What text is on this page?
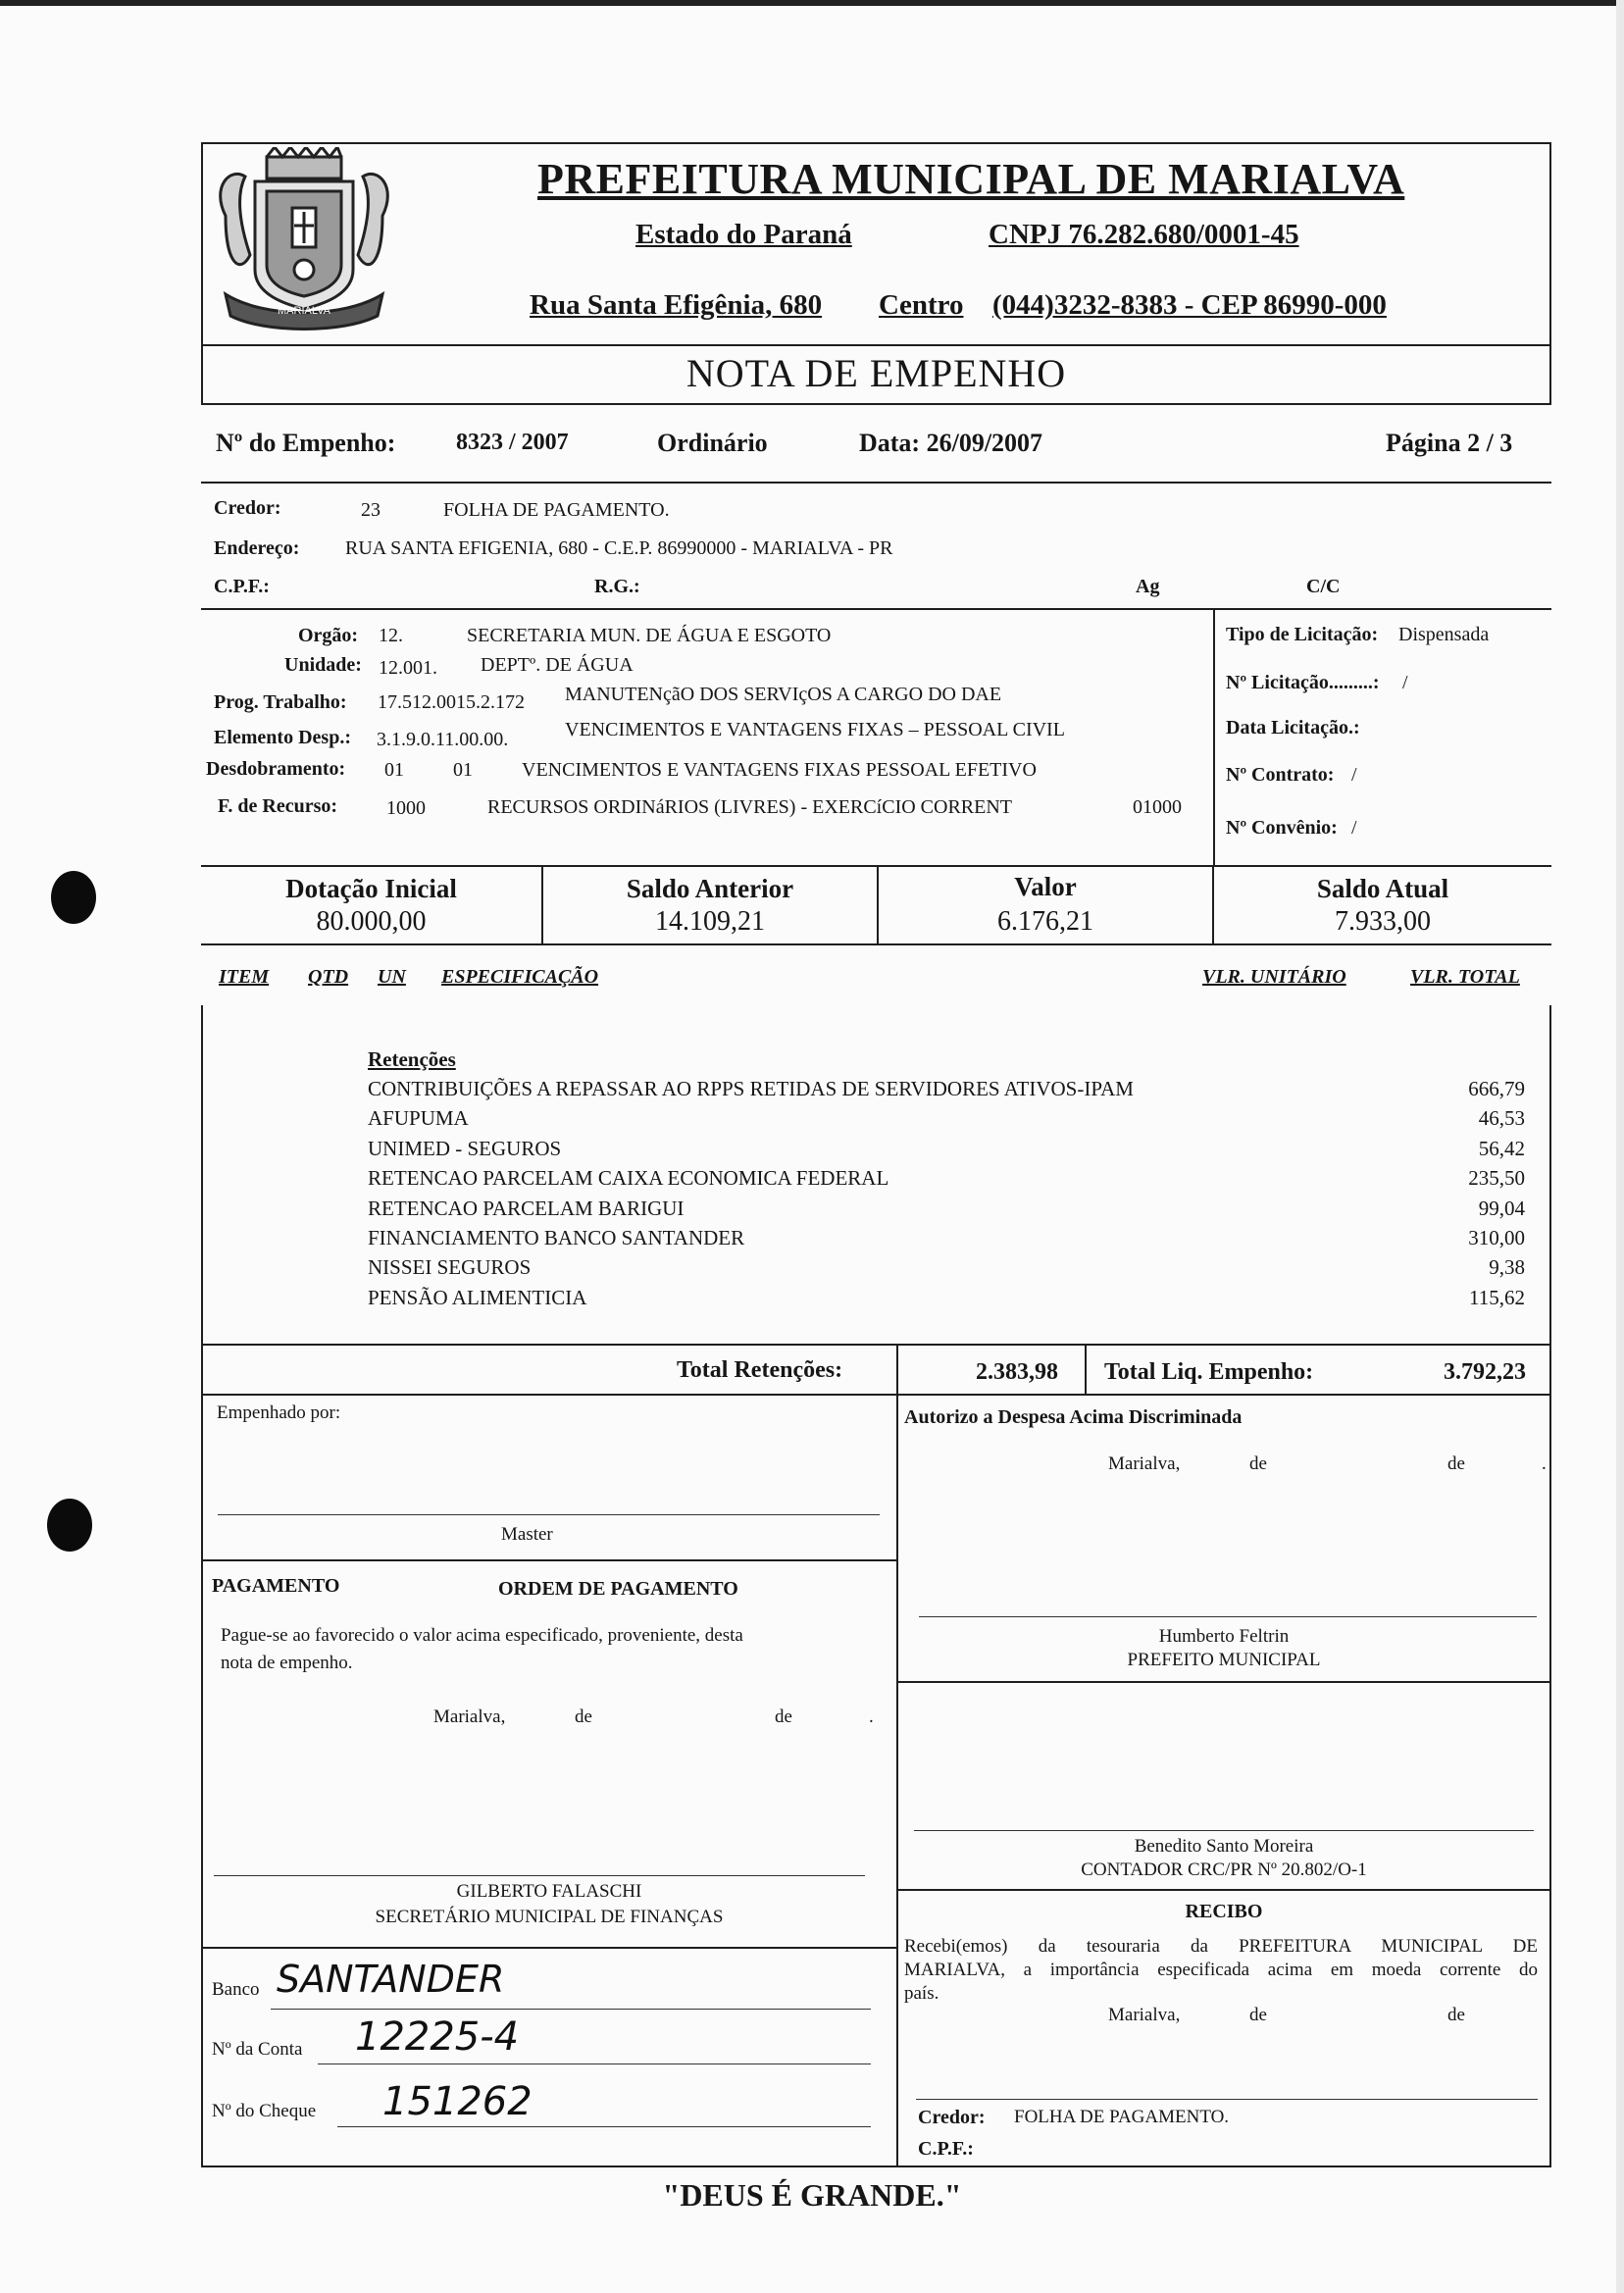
MARIALVA
PREFEITURA MUNICIPAL DE MARIALVA
Estado do Paraná	CNPJ 76.282.680/0001-45
Rua Santa Efigênia, 680 Centro (044)3232-8383 - CEP 86990-000
NOTA DE EMPENHO
Nº do Empenho:	8323 / 2007	Ordinário	Data: 26/09/2007	Página 2 / 3
Credor:	23	FOLHA DE PAGAMENTO.
Endereço: RUA SANTA EFIGENIA, 680 - C.E.P. 86990000 - MARIALVA - PR
C.P.F.:	R.G.:	Ag	C/C
Orgão: 12.	SECRETARIA MUN. DE ÁGUA E ESGOTO
Unidade: 12.001. DEPTº. DE ÁGUA
Prog. Trabalho: 17.512.0015.2.172 MANUTENçãO DOS SERVIçOS A CARGO DO DAE
Elemento Desp.: 3.1.9.0.11.00.00.	VENCIMENTOS E VANTAGENS FIXAS – PESSOAL CIVIL
Desdobramento: 01	01	VENCIMENTOS E VANTAGENS FIXAS PESSOAL EFETIVO
F. de Recurso: 1000	RECURSOS ORDINáRIOS (LIVRES) - EXERCíCIO CORRENT	01000
Tipo de Licitação: Dispensada
Nº Licitação.........: /
Data Licitação.:
Nº Contrato: /
Nº Convênio: /
Dotação Inicial
80.000,00
Saldo Anterior
14.109,21
Valor
6.176,21
Saldo Atual
7.933,00
ITEM QTD UN ESPECIFICAÇÃO	VLR. UNITÁRIO	VLR. TOTAL
Retenções
CONTRIBUIÇÕES A REPASSAR AO RPPS RETIDAS DE SERVIDORES ATIVOS-IPAM	666,79
AFUPUMA	46,53
UNIMED - SEGUROS	56,42
RETENCAO PARCELAM CAIXA ECONOMICA FEDERAL	235,50
RETENCAO PARCELAM BARIGUI	99,04
FINANCIAMENTO BANCO SANTANDER	310,00
NISSEI SEGUROS	9,38
PENSÃO ALIMENTICIA	115,62
Total Retenções:	2.383,98 Total Liq. Empenho:	3.792,23
Empenhado por:
Master
PAGAMENTO	ORDEM DE PAGAMENTO
Pague-se ao favorecido o valor acima especificado, proveniente, desta
nota de empenho.
Marialva,	de	de	.
GILBERTO FALASCHI
SECRETÁRIO MUNICIPAL DE FINANÇAS
Banco SANTANDER
Nº da Conta 12225-4
Nº do Cheque 151262
Autorizo a Despesa Acima Discriminada
Marialva,	de	de	.
Humberto Feltrin
PREFEITO MUNICIPAL
Benedito Santo Moreira
CONTADOR CRC/PR Nº 20.802/O-1
RECIBO
Recebi(emos) da tesouraria da PREFEITURA MUNICIPAL DE
MARIALVA, a importância especificada acima em moeda corrente do
país.
Marialva,	de	de
Credor: FOLHA DE PAGAMENTO.
C.P.F.:
"DEUS É GRANDE."
